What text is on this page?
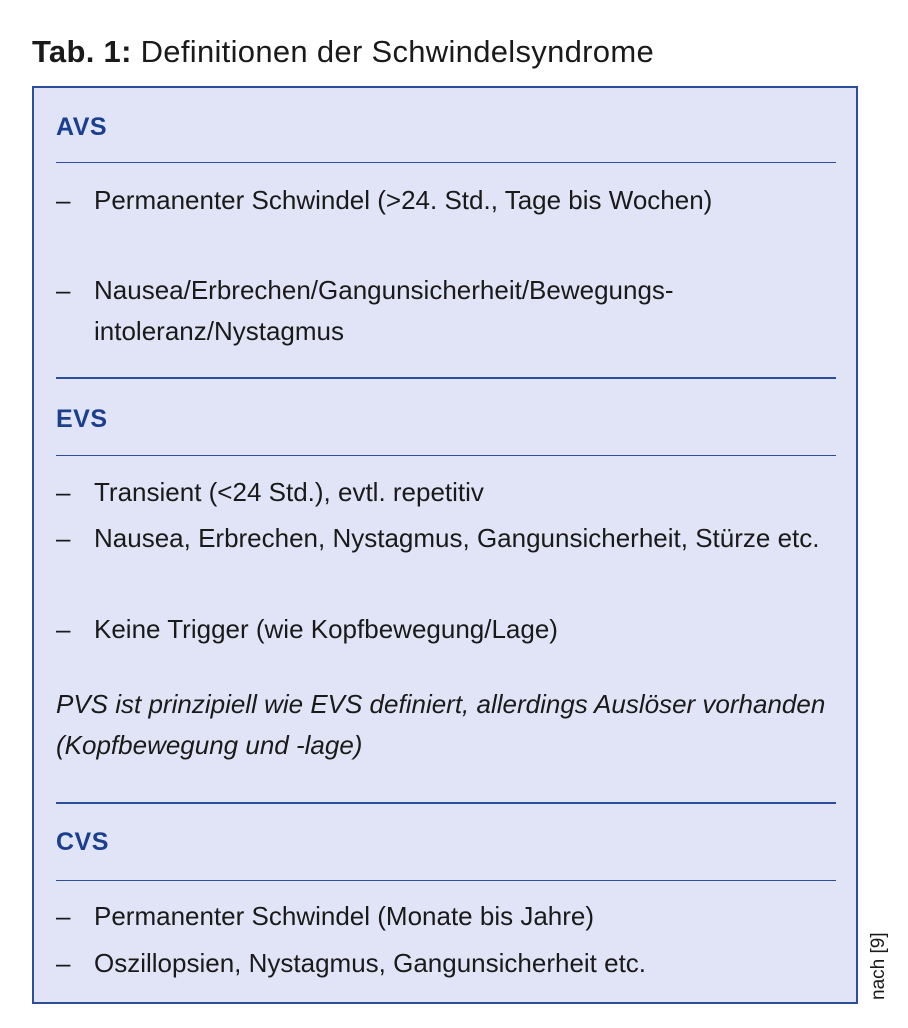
Tab. 1: Definitionen der Schwindelsyndrome
AVS
– Permanenter Schwindel (>24. Std., Tage bis Wochen)
– Nausea/Erbrechen/Gangunsicherheit/Bewegungs-intoleranz/Nystagmus
EVS
– Transient (<24 Std.), evtl. repetitiv
– Nausea, Erbrechen, Nystagmus, Gangunsicherheit, Stürze etc.
– Keine Trigger (wie Kopfbewegung/Lage)
PVS ist prinzipiell wie EVS definiert, allerdings Auslöser vorhanden (Kopfbewegung und -lage)
CVS
– Permanenter Schwindel (Monate bis Jahre)
– Oszillopsien, Nystagmus, Gangunsicherheit etc.	nach [9]
